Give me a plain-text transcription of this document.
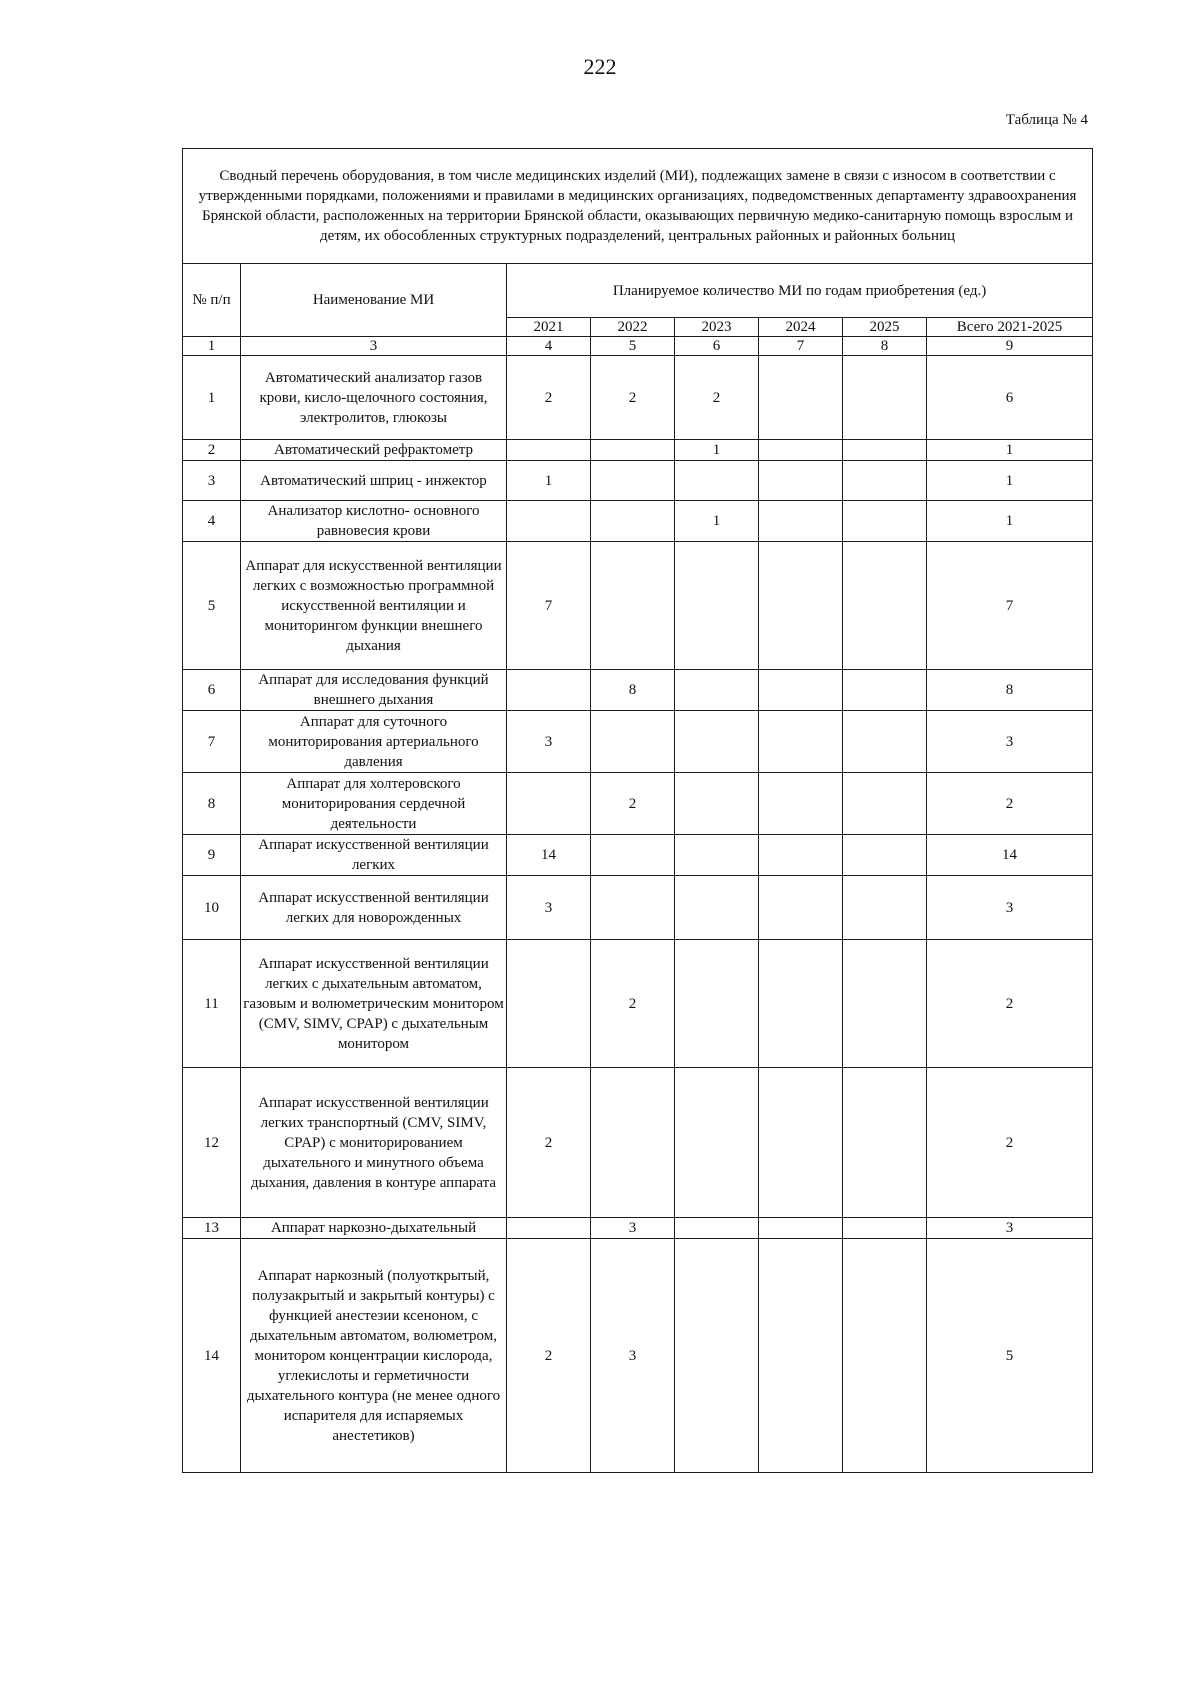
222
Таблица № 4
Сводный перечень оборудования, в том числе медицинских изделий (МИ), подлежащих замене в связи с износом в соответствии с утвержденными порядками, положениями и правилами в медицинских организациях, подведомственных департаменту здравоохранения Брянской области, расположенных на территории Брянской области, оказывающих первичную медико-санитарную помощь взрослым и детям, их обособленных структурных подразделений, центральных районных и районных больниц							
№ п/п	Наименование МИ	Планируемое количество МИ по годам приобретения (ед.)					
		2021	2022	2023	2024	2025	Всего 2021-2025
1	3	4	5	6	7	8	9
1	Автоматический анализатор газов крови, кисло-щелочного состояния, электролитов, глюкозы	2	2	2			6
2	Автоматический рефрактометр			1			1
3	Автоматический шприц - инжектор	1					1
4	Анализатор кислотно- основного равновесия крови			1			1
5	Аппарат для искусственной вентиляции легких с возможностью программной искусственной вентиляции и мониторингом функции внешнего дыхания	7					7
6	Аппарат для исследования функций внешнего дыхания		8				8
7	Аппарат для суточного мониторирования артериального давления	3					3
8	Аппарат для холтеровского мониторирования сердечной деятельности		2				2
9	Аппарат искусственной вентиляции легких	14					14
10	Аппарат искусственной вентиляции легких для новорожденных	3					3
11	Аппарат искусственной вентиляции легких с дыхательным автоматом, газовым и волюметрическим монитором (CMV, SIMV, CPAP) с дыхательным монитором		2				2
12	Аппарат искусственной вентиляции легких транспортный (CMV, SIMV, CPAP) с мониторированием дыхательного и минутного объема дыхания, давления в контуре аппарата	2					2
13	Аппарат наркозно-дыхательный		3				3
14	Аппарат наркозный (полуоткрытый, полузакрытый и закрытый контуры) с функцией анестезии ксеноном, с дыхательным автоматом, волюметром, монитором концентрации кислорода, углекислоты и герметичности дыхательного контура (не менее одного испарителя для испаряемых анестетиков)	2	3				5
